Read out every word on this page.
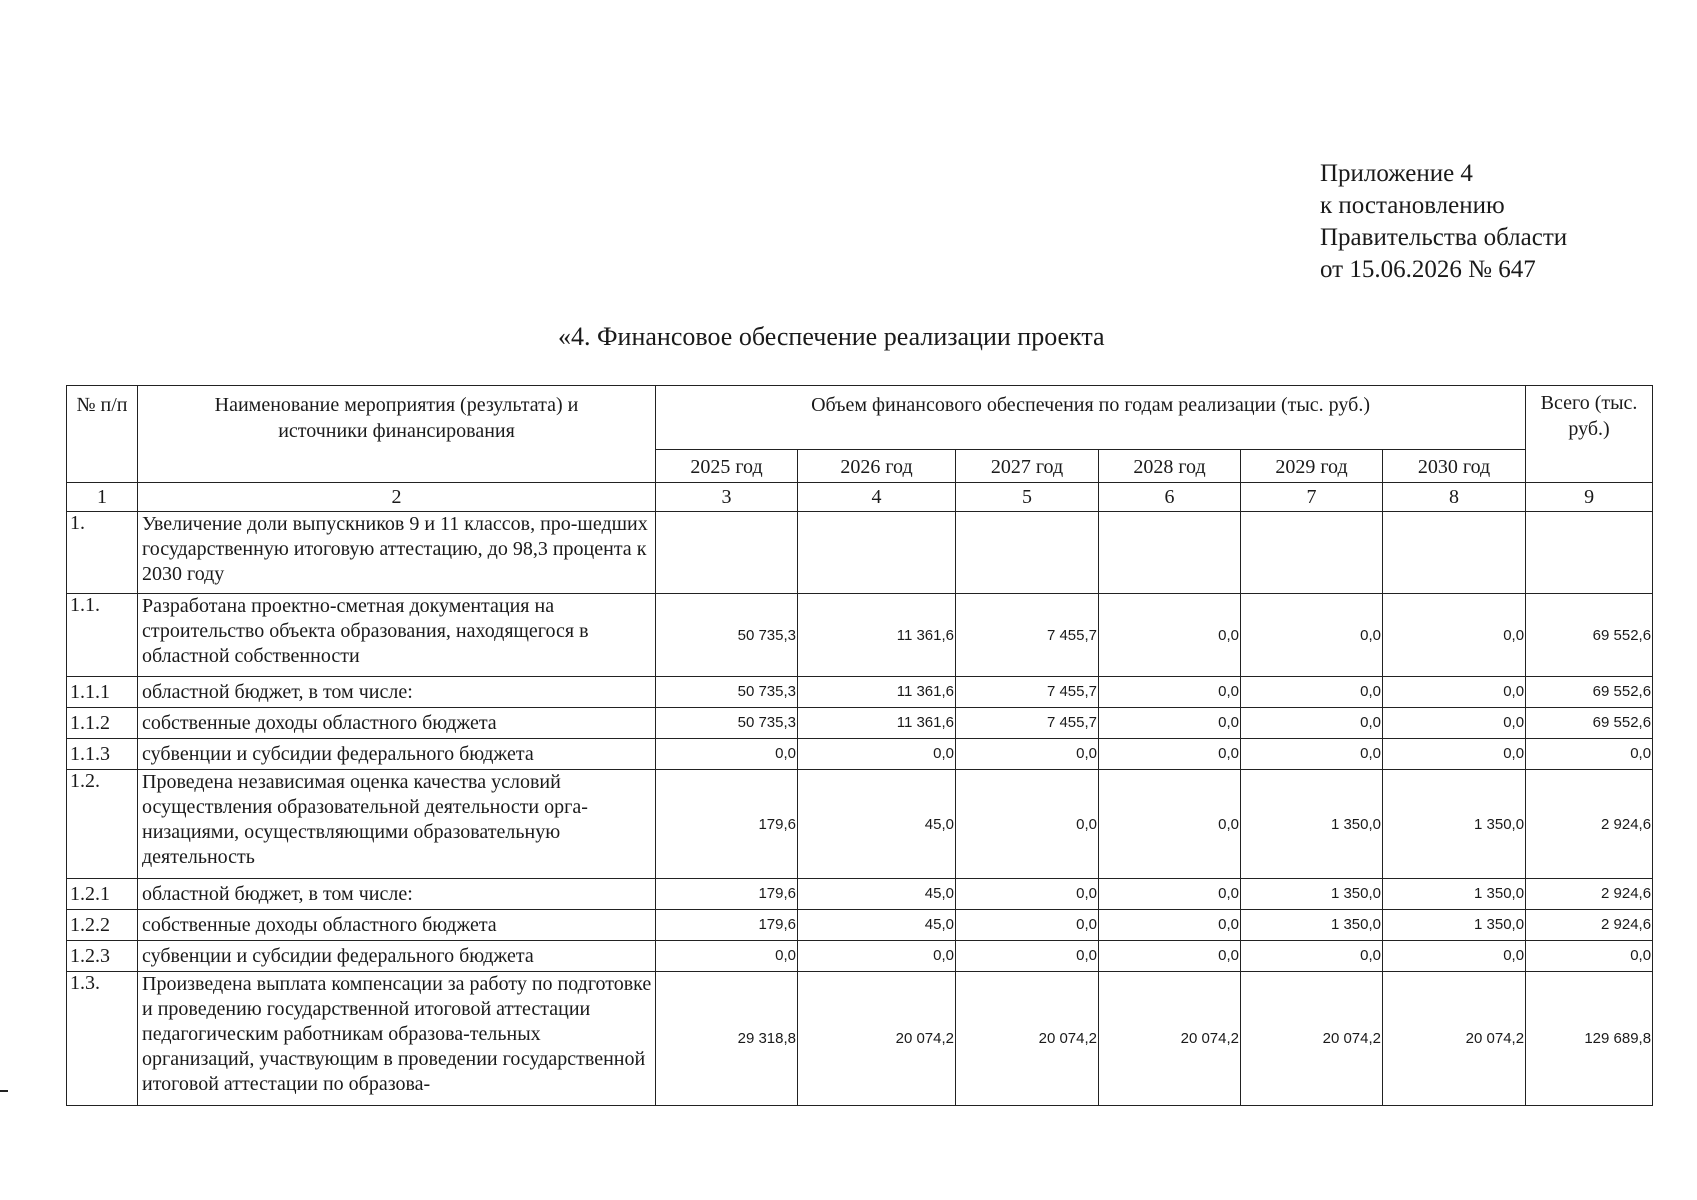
Приложение 4
к постановлению
Правительства области
от 15.06.2026 № 647
«4. Финансовое обеспечение реализации проекта
№ п/п	Наименование мероприятия (результата) и источники финансирования	Объем финансового обеспечения по годам реализации (тыс. руб.)						Всего (тыс. руб.)
		2025 год	2026 год	2027 год	2028 год	2029 год	2030 год	
1	2	3	4	5	6	7	8	9
1.	Увеличение доли выпускников 9 и 11 классов, про-шедших государственную итоговую аттестацию, до 98,3 процента к 2030 году							
1.1.	Разработана проектно-сметная документация на строительство объекта образования, находящегося в областной собственности	50 735,3	11 361,6	7 455,7	0,0	0,0	0,0	69 552,6
1.1.1	областной бюджет, в том числе:	50 735,3	11 361,6	7 455,7	0,0	0,0	0,0	69 552,6
1.1.2	собственные доходы областного бюджета	50 735,3	11 361,6	7 455,7	0,0	0,0	0,0	69 552,6
1.1.3	субвенции и субсидии федерального бюджета	0,0	0,0	0,0	0,0	0,0	0,0	0,0
1.2.	Проведена независимая оценка качества условий осуществления образовательной деятельности орга-низациями, осуществляющими образовательную деятельность	179,6	45,0	0,0	0,0	1 350,0	1 350,0	2 924,6
1.2.1	областной бюджет, в том числе:	179,6	45,0	0,0	0,0	1 350,0	1 350,0	2 924,6
1.2.2	собственные доходы областного бюджета	179,6	45,0	0,0	0,0	1 350,0	1 350,0	2 924,6
1.2.3	субвенции и субсидии федерального бюджета	0,0	0,0	0,0	0,0	0,0	0,0	0,0
1.3.	Произведена выплата компенсации за работу по подготовке и проведению государственной итоговой аттестации педагогическим работникам образова-тельных организаций, участвующим в проведении государственной итоговой аттестации по образова-	29 318,8	20 074,2	20 074,2	20 074,2	20 074,2	20 074,2	129 689,8
